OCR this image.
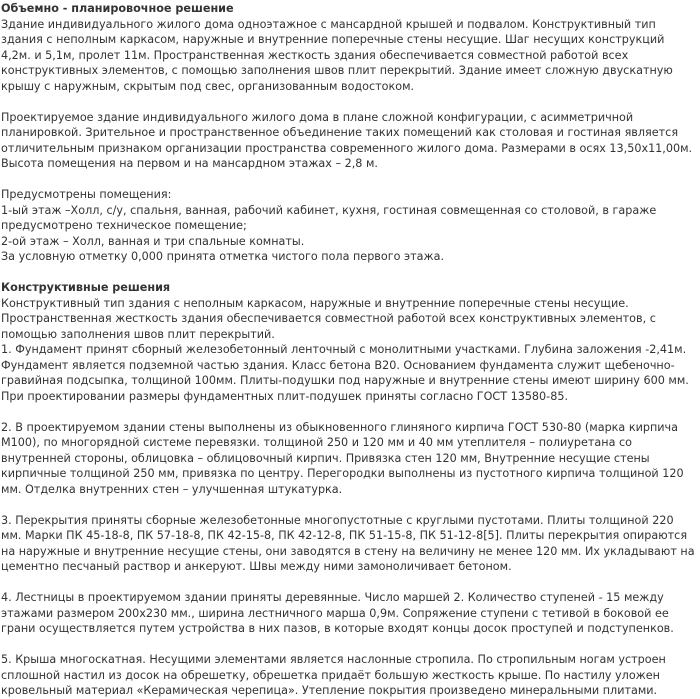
Объемно - планировочное решение

Здание индивидуального жилого дома одноэтажное с мансардной крышей и подвалом. Конструктивный тип здания с неполным каркасом, наружные и внутренние поперечные стены несущие. Шаг несущих конструкций 4,2м. и 5,1м, пролет 11м. Пространственная жесткость здания обеспечивается совместной работой всех конструктивных элементов, с помощью заполнения швов плит перекрытий. Здание имеет сложную двускатную крышу с наружным, скрытым под свес, организованным водостоком.

Проектируемое здание индивидуального жилого дома в плане сложной конфигурации, с асимметричной планировкой. Зрительное и пространственное объединение таких помещений как столовая и гостиная является отличительным признаком организации пространства современного жилого дома. Размерами в осях 13,50х11,00м. Высота помещения на первом и на мансардном этажах – 2,8 м.

Предусмотрены помещения:

1-ый этаж –Холл, с/у, спальня, ванная, рабочий кабинет, кухня, гостиная совмещенная со столовой, в гараже предусмотрено техническое помещение;

2-ой этаж – Холл, ванная и три спальные комнаты.

За условную отметку 0,000 принята отметка чистого пола первого этажа.

Конструктивные решения

Конструктивный тип здания с неполным каркасом, наружные и внутренние поперечные стены несущие. Пространственная жесткость здания обеспечивается совместной работой всех конструктивных элементов, с помощью заполнения швов плит перекрытий.

1. Фундамент принят сборный железобетонный ленточный с монолитными участками. Глубина заложения -2,41м. Фундамент является подземной частью здания. Класс бетона В20. Основанием фундамента служит щебеночно-гравийная подсыпка, толщиной 100мм. Плиты-подушки под наружные и внутренние стены имеют ширину 600 мм. При проектировании размеры фундаментных плит-подушек приняты согласно ГОСТ 13580-85.

2. В проектируемом здании стены выполнены из обыкновенного глиняного кирпича ГОСТ 530-80 (марка кирпича М100), по многорядной системе перевязки. толщиной 250 и 120 мм и 40 мм утеплителя – полиуретана со внутренней стороны, облицовка – облицовочный кирпич. Привязка стен 120 мм, Внутренние несущие стены кирпичные толщиной 250 мм, привязка по центру. Перегородки выполнены из пустотного кирпича толщиной 120 мм. Отделка внутренних стен – улучшенная штукатурка.

3. Перекрытия приняты сборные железобетонные многопустотные с круглыми пустотами. Плиты толщиной 220 мм. Марки ПК 45-18-8, ПК 57-18-8, ПК 42-15-8, ПК 42-12-8, ПК 51-15-8, ПК 51-12-8[5]. Плиты перекрытия опираются на наружные и внутренние несущие стены, они заводятся в стену на величину не менее 120 мм. Их укладывают на цементно песчаный раствор и анкеруют. Швы между ними замоноличивает бетоном.

4. Лестницы в проектируемом здании приняты деревянные. Число маршей 2. Количество ступеней - 15 между этажами размером 200х230 мм., ширина лестничного марша 0,9м. Сопряжение ступени с тетивой в боковой ее грани осуществляется путем устройства в них пазов, в которые входят концы досок проступей и подступенков.

5. Крыша многоскатная. Несущими элементами является наслонные стропила. По стропильным ногам устроен сплошной настил из досок на обрешетку, обрешетка придаёт большую жесткость крыше. По настилу уложен кровельный материал «Керамическая черепица». Утепление покрытия произведено минеральными плитами.
